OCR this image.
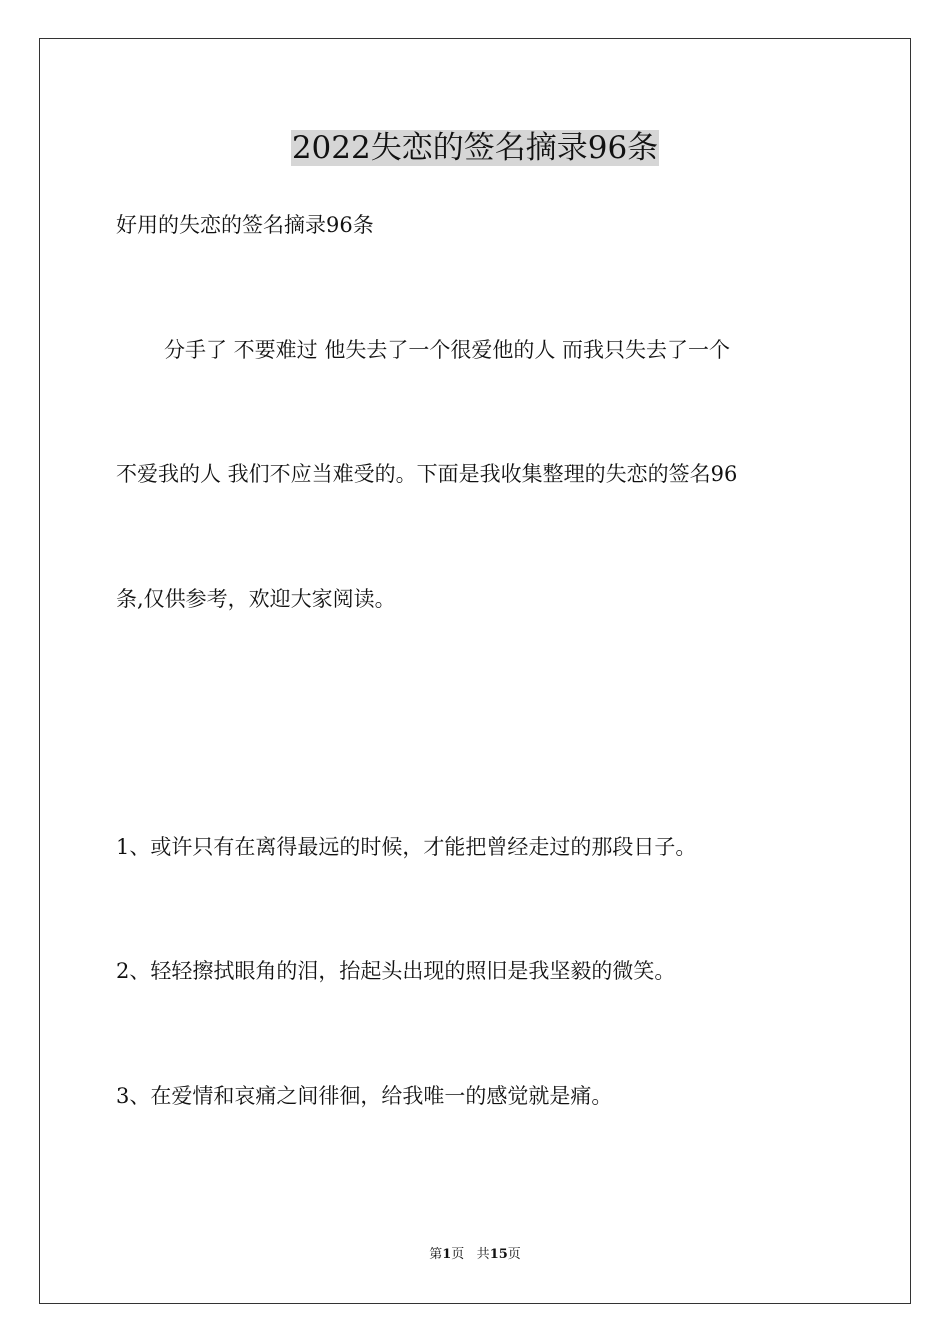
2022失恋的签名摘录96条
好用的失恋的签名摘录96条
分手了 不要难过 他失去了一个很爱他的人 而我只失去了一个
不爱我的人 我们不应当难受的。下面是我收集整理的失恋的签名96
条,仅供参考，欢迎大家阅读。
1、或许只有在离得最远的时候，才能把曾经走过的那段日子。
2、轻轻擦拭眼角的泪，抬起头出现的照旧是我坚毅的微笑。
3、在爱情和哀痛之间徘徊，给我唯一的感觉就是痛。
第1页 共15页
